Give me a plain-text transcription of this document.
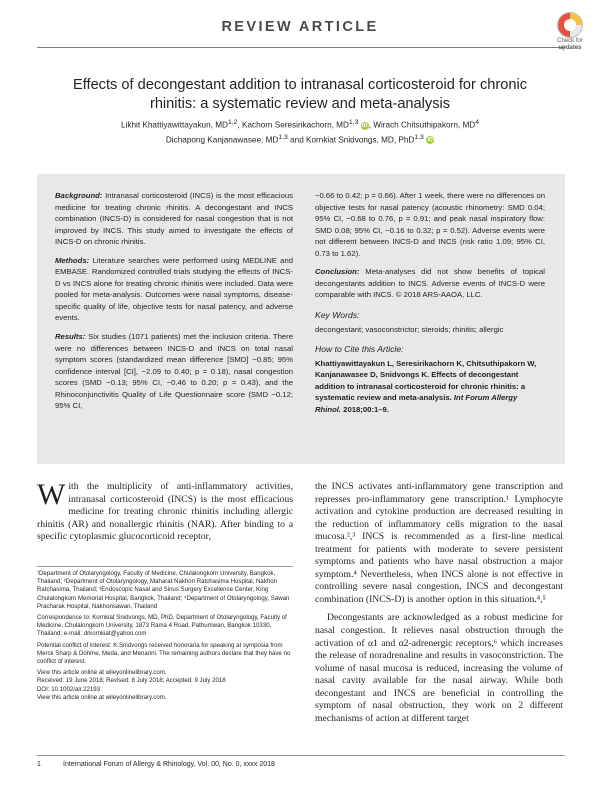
REVIEW ARTICLE
Check for
updates
Effects of decongestant addition to intranasal corticosteroid for chronic rhinitis: a systematic review and meta-analysis
Likhit Khattiyawittayakun, MD$^{1,2}$, Kachorn Seresirikachorn, MD$^{1,3}$ iD, Wirach Chitsuthipakorn, $MD^4$
Dichapong Kanjanawasee, MD$^{1,3}$ and Kornkiat Snidvongs, MD, PhD$^{1,3}$ iD

Background: Intranasal corticosteroid (INCS) is the most efficacious medicine for treating chronic rhinitis. A decongestant and INCS combination (INCS-D) is considered for nasal congestion that is not improved by INCS. This study aimed to investigate the effects of INCS-D on chronic rhinitis.

Methods: Literature searches were performed using MEDLINE and EMBASE. Randomized controlled trials studying the effects of INCS-D vs INCS alone for treating chronic rhinitis were included. Data were pooled for meta-analysis. Outcomes were nasal symptoms, disease-specific quality of life, objective tests for nasal patency, and adverse events.

Results: Six studies (1071 patients) met the inclusion criteria. There were no differences between INCS-D and INCS on total nasal symptom scores (standardized mean difference [SMD] −0.85; 95% confidence interval [CI], −2.09 to 0.40; p = 0.18), nasal congestion scores (SMD −0.13; 95% CI, −0.46 to 0.20; p = 0.43), and the Rhinoconjunctivitis Quality of Life Questionnaire score (SMD −0.12; 95% CI,

−0.66 to 0.42; p = 0.66). After 1 week, there were no differences on objective tests for nasal patency (acoustic rhinometry: SMD 0.04; 95% CI, −0.68 to 0.76, p = 0.91; and peak nasal inspiratory flow: SMD 0.08; 95% CI, −0.16 to 0.32; p = 0.52). Adverse events were not different between INCS-D and INCS (risk ratio 1.09; 95% CI, 0.73 to 1.62).

Conclusion: Meta-analyses did not show benefits of topical decongestants addition to INCS. Adverse events of INCS-D were comparable with INCS. © 2018 ARS-AAOA, LLC.

Key Words:
decongestant; vasoconstrictor; steroids; rhinitis; allergic
How to Cite this Article:
Khattiyawittayakun L, Seresirikachorn K, Chitsuthipakorn W, Kanjanawasee D, Snidvongs K. Effects of decongestant addition to intranasal corticosteroid for chronic rhinitis: a systematic review and meta-analysis. Int Forum Allergy Rhinol. 2018;00:1–9.

With the multiplicity of anti-inflammatory activities, intranasal corticosteroid (INCS) is the most efficacious medicine for treating chronic rhinitis including allergic rhinitis (AR) and nonallergic rhinitis (NAR). After binding to a specific cytoplasmic glucocorticoid receptor,

the INCS activates anti-inflammatory gene transcription and represses pro-inflammatory gene transcription.¹ Lymphocyte activation and cytokine production are decreased resulting in the reduction of inflammatory cells migration to the nasal mucosa.²,³ INCS is recommended as a first-line medical treatment for patients with moderate to severe persistent symptoms and patients who have nasal obstruction a major symptom.⁴ Nevertheless, when INCS alone is not effective in controlling severe nasal congestion, INCS and decongestant combination (INCS-D) is another option in this situation.⁴,⁵

Decongestants are acknowledged as a robust medicine for nasal congestion. It relieves nasal obstruction through the activation of α1 and α2-adrenergic receptors,⁶ which increases the release of noradrenaline and results in vasoconstriction. The volume of nasal mucosa is reduced, increasing the volume of nasal cavity available for the nasal airway. While both decongestant and INCS are beneficial in controlling the symptom of nasal obstruction, they work on 2 different mechanisms of action at different target

¹Department of Otolaryngology, Faculty of Medicine, Chulalongkorn University, Bangkok, Thailand; ²Department of Otolaryngology, Maharat Nakhon Ratchasima Hospital, Nakhon Ratchasima, Thailand; ³Endoscopic Nasal and Sinus Surgery Excellence Center, King Chulalongkorn Memorial Hospital, Bangkok, Thailand; ⁴Department of Otolaryngology, Sawan Pracharak Hospital, Nakhonsawan, Thailand

Correspondence to: Kornkiat Snidvongs, MD, PhD, Department of Otolaryngology, Faculty of Medicine, Chulalongkorn University, 1873 Rama 4 Road, Pathumwan, Bangkok 10330, Thailand; e-mail: drkornkiat@yahoo.com

Potential conflict of interest: K.Snidvongs received honoraria for speaking at symposia from Merck Sharp & Dohme, Meda, and Menarini. The remaining authors declare that they have no conflict of interest.

View this article online at wileyonlinelibrary.com.
Received: 19 June 2018; Revised: 8 July 2018; Accepted: 9 July 2018
DOI: 10.1002/alr.22193
View this article online at wileyonlinelibrary.com.
1	International Forum of Allergy & Rhinology, Vol. 00, No. 0, xxxx 2018
